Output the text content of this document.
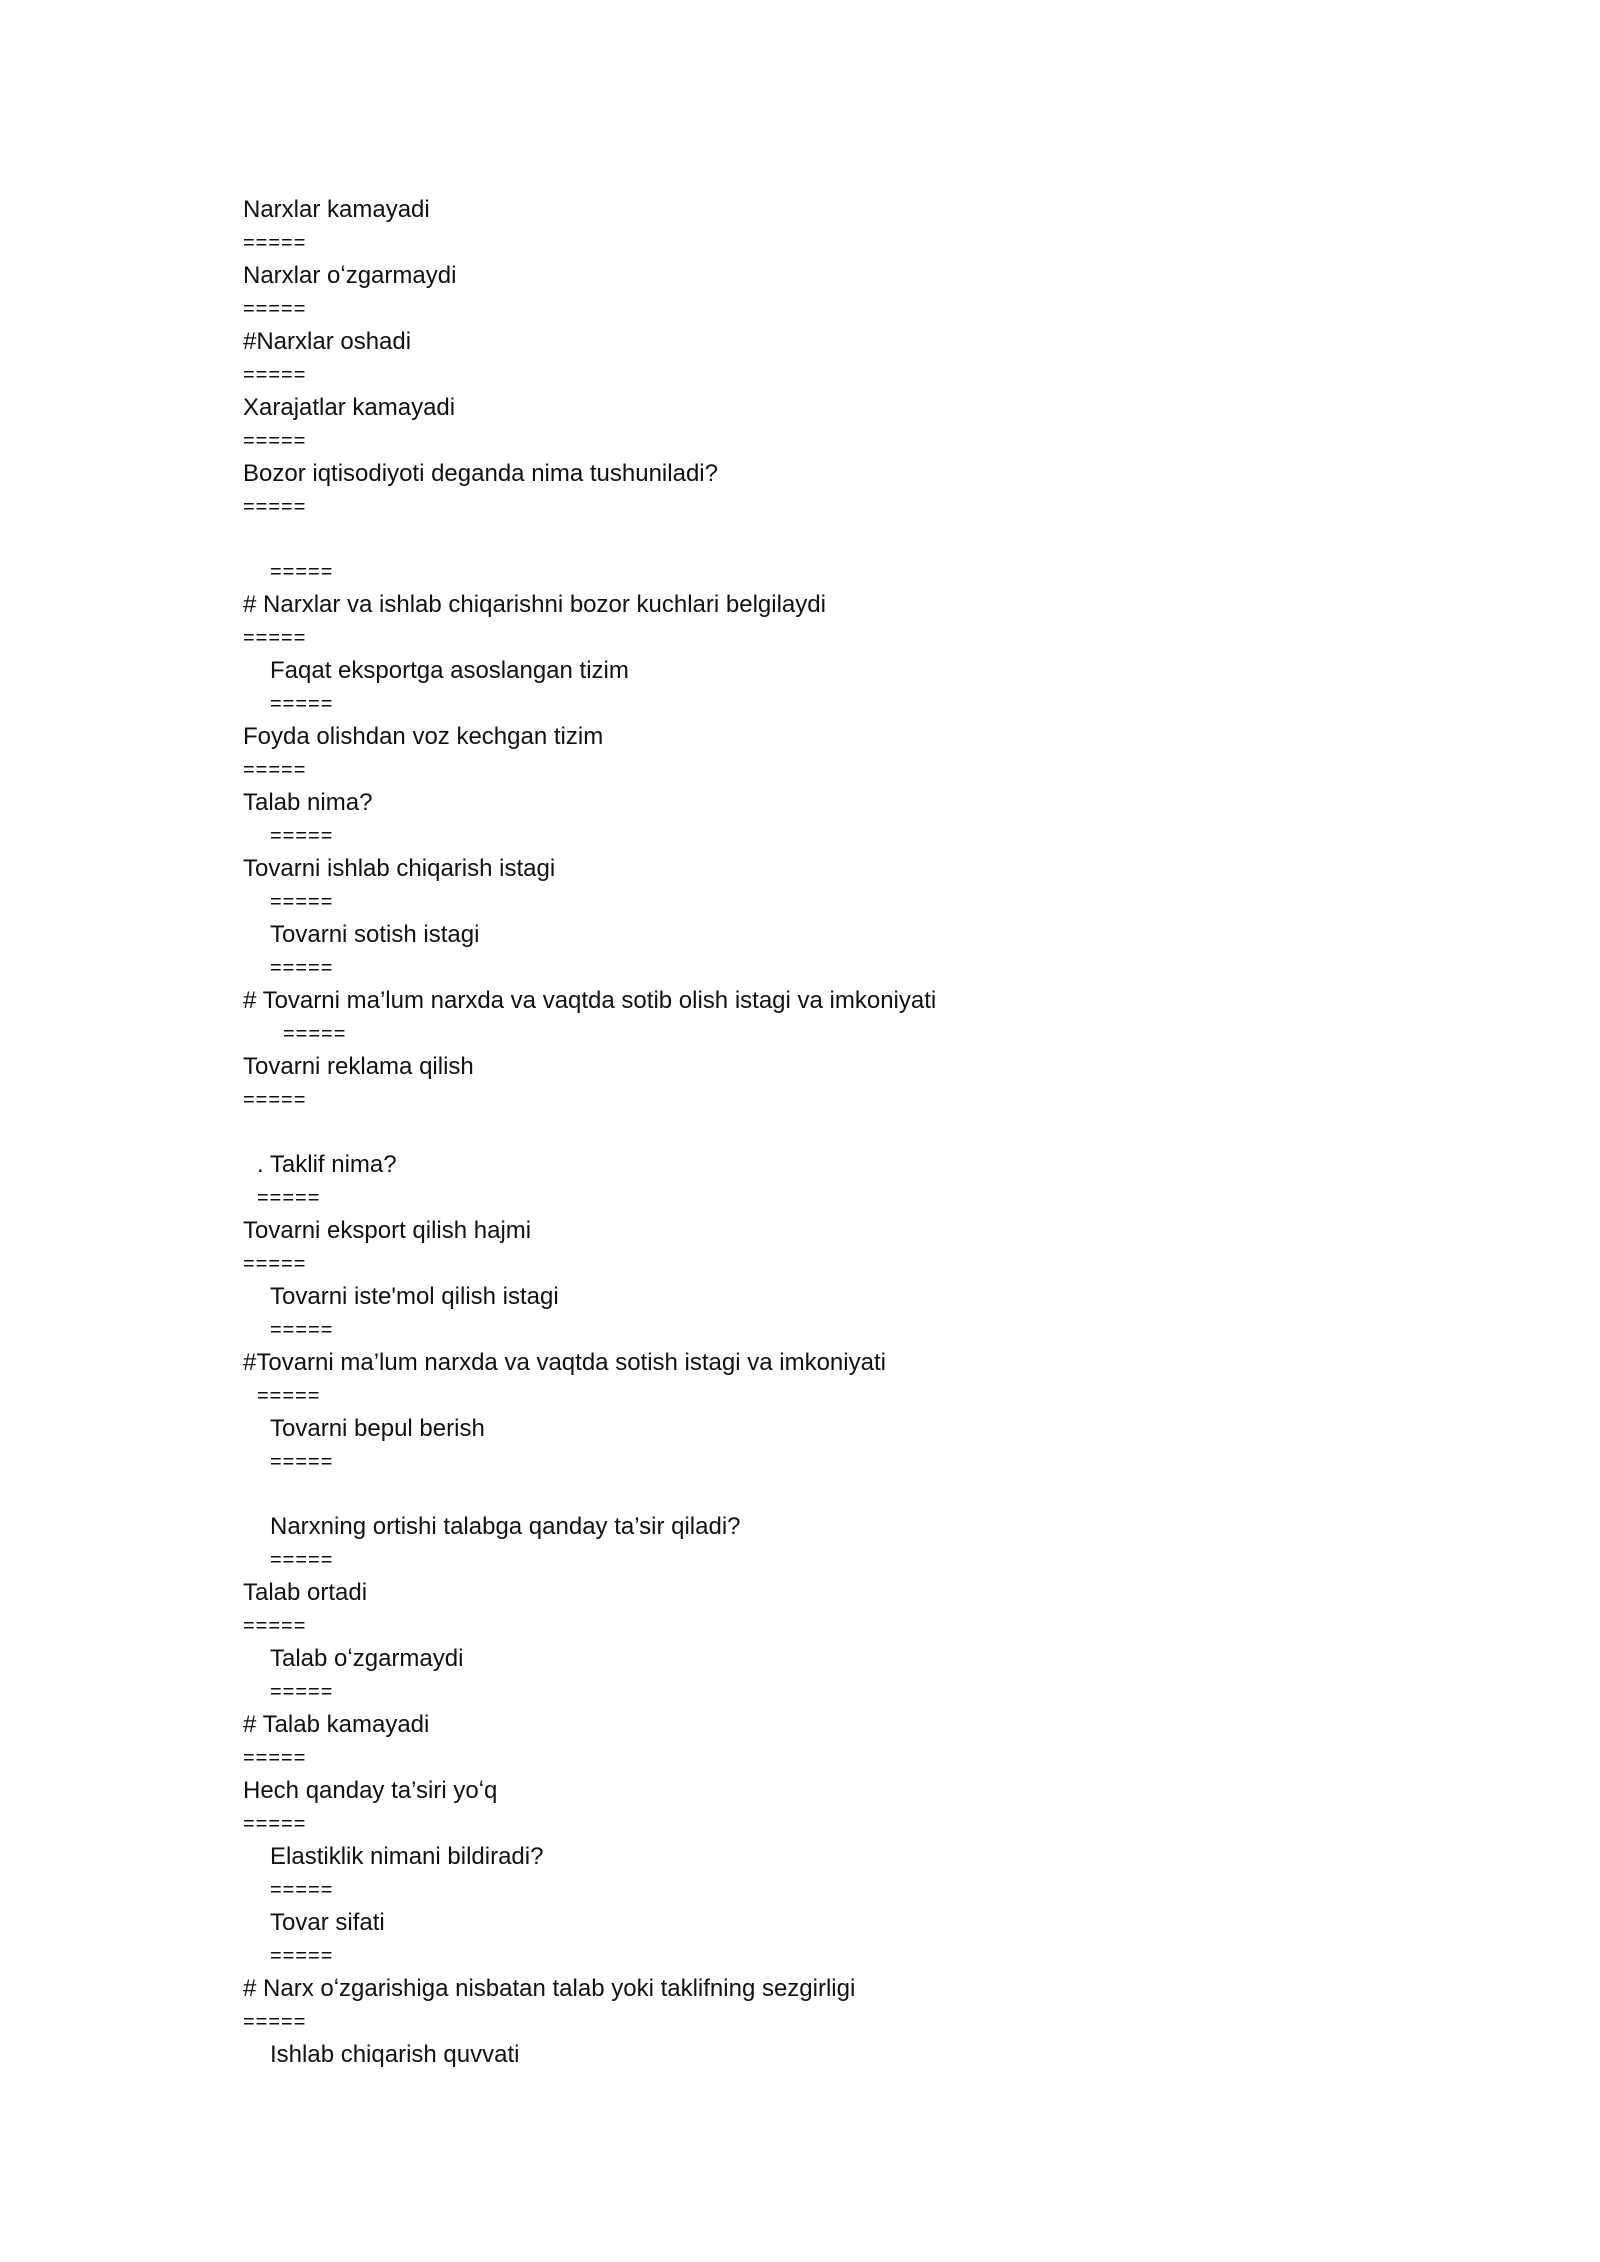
Narxlar kamayadi
=====
Narxlar oʻzgarmaydi
=====
#Narxlar oshadi
=====
Xarajatlar kamayadi
=====
Bozor iqtisodiyoti deganda nima tushuniladi?
=====
=====
# Narxlar va ishlab chiqarishni bozor kuchlari belgilaydi
=====
Faqat eksportga asoslangan tizim
=====
Foyda olishdan voz kechgan tizim
=====
Talab nima?
=====
Tovarni ishlab chiqarish istagi
=====
Tovarni sotish istagi
=====
# Tovarni ma’lum narxda va vaqtda sotib olish istagi va imkoniyati
=====
Tovarni reklama qilish
=====
. Taklif nima?
=====
Tovarni eksport qilish hajmi
=====
Tovarni iste'mol qilish istagi
=====
#Tovarni ma’lum narxda va vaqtda sotish istagi va imkoniyati
=====
Tovarni bepul berish
=====
Narxning ortishi talabga qanday ta’sir qiladi?
=====
Talab ortadi
=====
Talab oʻzgarmaydi
=====
# Talab kamayadi
=====
Hech qanday ta’siri yoʻq
=====
Elastiklik nimani bildiradi?
=====
Tovar sifati
=====
# Narx oʻzgarishiga nisbatan talab yoki taklifning sezgirligi
=====
Ishlab chiqarish quvvati
